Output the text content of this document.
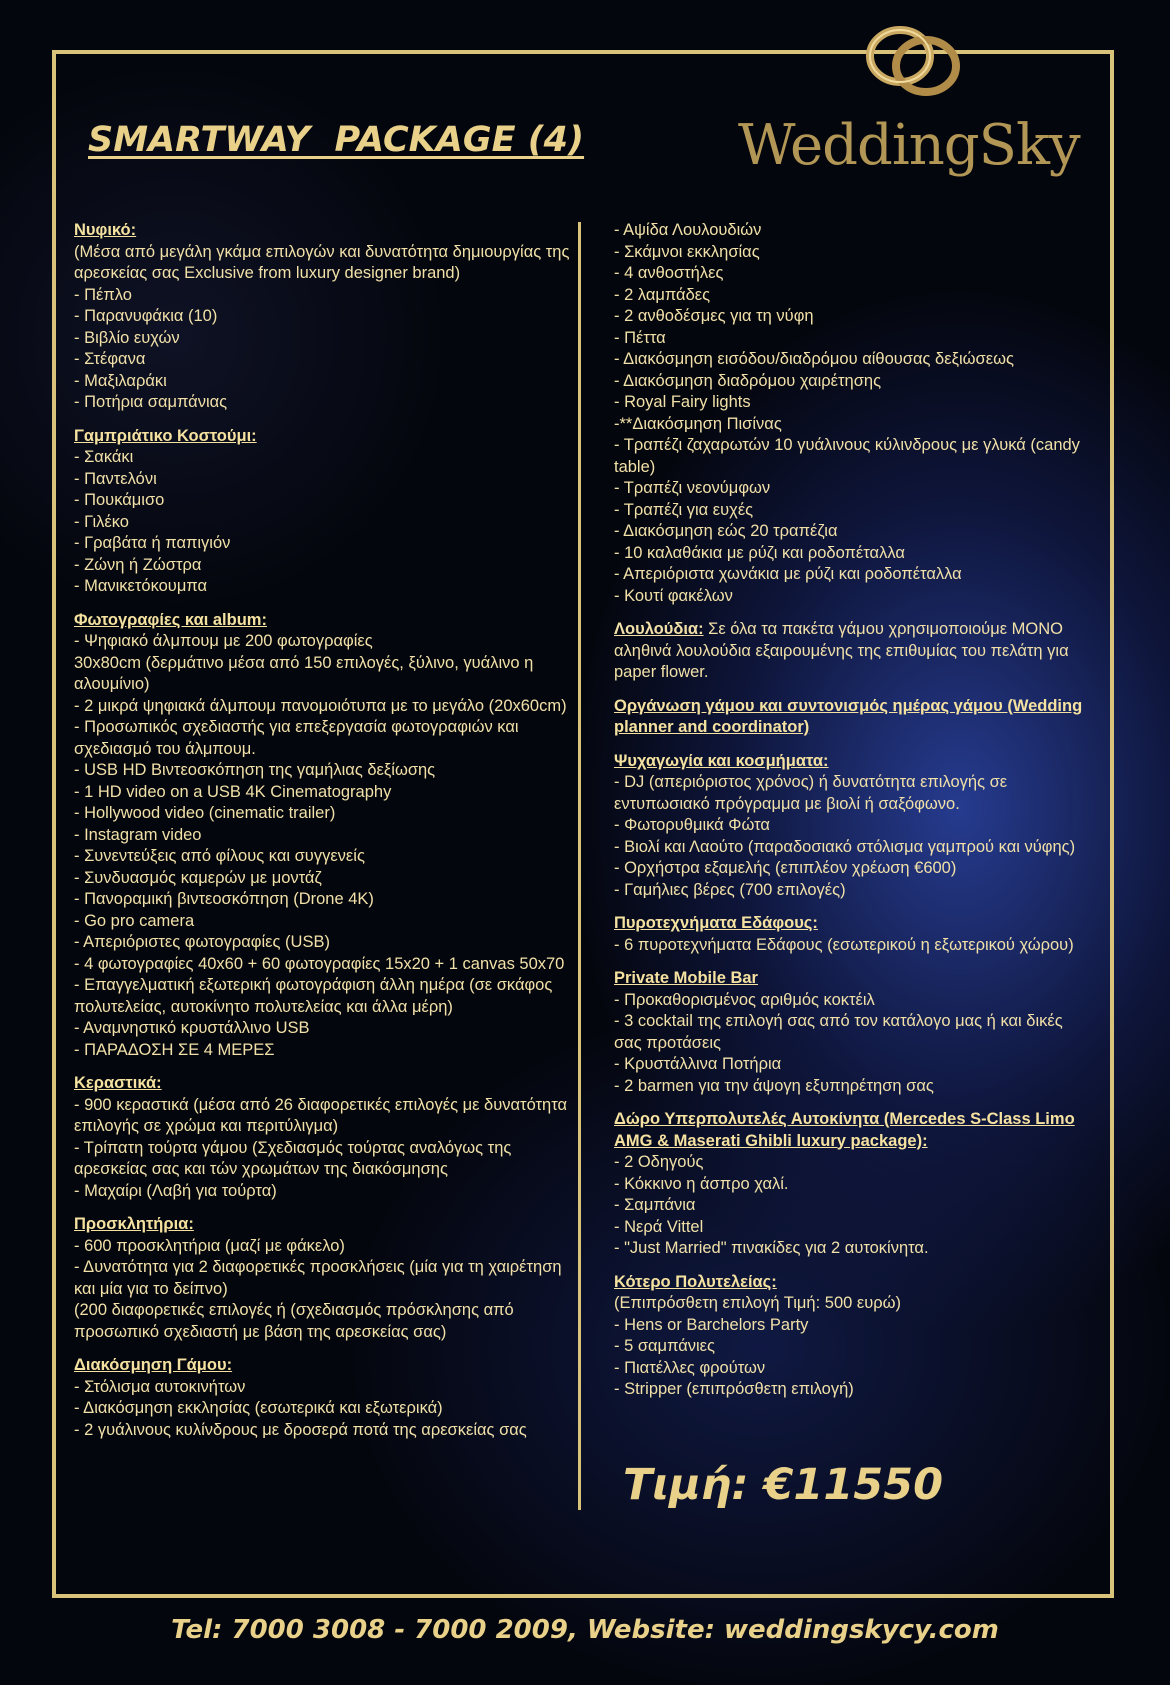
WeddingSky
SMARTWAY  PACKAGE (4)
Νυφικό:
(Μέσα από μεγάλη γκάμα επιλογών και δυνατότητα δημιουργίας της αρεσκείας σας Exclusive from luxury designer brand)
- Πέπλο
- Παρανυφάκια (10)
- Βιβλίο ευχών
- Στέφανα
- Μαξιλαράκι
- Ποτήρια σαμπάνιας
Γαμπριάτικο Κοστούμι:
- Σακάκι
- Παντελόνι
- Πουκάμισο
- Γιλέκο
- Γραβάτα ή παπιγιόν
- Ζώνη ή Ζώστρα
- Μανικετόκουμπα
Φωτογραφίες και album:
- Ψηφιακό άλμπουμ με 200 φωτογραφίες
30x80cm (δερμάτινο μέσα από 150 επιλογές, ξύλινο, γυάλινο η αλουμίνιο)
- 2 μικρά ψηφιακά άλμπουμ πανομοιότυπα με το μεγάλο (20x60cm)
- Προσωπικός σχεδιαστής για επεξεργασία φωτογραφιών και σχεδιασμό του άλμπουμ.
- USB HD Βιντεοσκόπηση της γαμήλιας δεξίωσης
- 1 HD video on a USB 4K Cinematography
- Hollywood video (cinematic trailer)
- Instagram video
- Συνεντεύξεις από φίλους και συγγενείς
- Συνδυασμός καμερών με μοντάζ
- Πανοραμική βιντεοσκόπηση (Drone 4K)
- Go pro camera
- Απεριόριστες φωτογραφίες (USB)
- 4 φωτογραφίες 40x60 + 60 φωτογραφίες 15x20 + 1 canvas 50x70
- Επαγγελματική εξωτερική φωτογράφιση άλλη ημέρα (σε σκάφος πολυτελείας, αυτοκίνητο πολυτελείας και άλλα μέρη)
- Αναμνηστικό κρυστάλλινο USB
- ΠΑΡΑΔΟΣΗ ΣΕ 4 ΜΕΡΕΣ
Κεραστικά:
- 900 κεραστικά (μέσα από 26 διαφορετικές επιλογές με δυνατότητα επιλογής σε χρώμα και περιτύλιγμα)
- Τρίπατη τούρτα γάμου (Σχεδιασμός τούρτας αναλόγως της αρεσκείας σας και τών χρωμάτων της διακόσμησης
- Μαχαίρι (Λαβή για τούρτα)
Προσκλητήρια:
- 600 προσκλητήρια (μαζί με φάκελο)
- Δυνατότητα για 2 διαφορετικές προσκλήσεις (μία για τη χαιρέτηση και μία για το δείπνο)
(200 διαφορετικές επιλογές ή (σχεδιασμός πρόσκλησης από προσωπικό σχεδιαστή με βάση της αρεσκείας σας)
Διακόσμηση Γάμου:
- Στόλισμα αυτοκινήτων
- Διακόσμηση εκκλησίας (εσωτερικά και εξωτερικά)
- 2 γυάλινους κυλίνδρους με δροσερά ποτά της αρεσκείας σας
- Αψίδα Λουλουδιών
- Σκάμνοι εκκλησίας
- 4 ανθοστήλες
- 2 λαμπάδες
- 2 ανθοδέσμες για τη νύφη
- Πέττα
- Διακόσμηση εισόδου/διαδρόμου αίθουσας δεξιώσεως
- Διακόσμηση διαδρόμου χαιρέτησης
- Royal Fairy lights
-**Διακόσμηση Πισίνας
- Τραπέζι ζαχαρωτών 10 γυάλινους κύλινδρους με γλυκά (candy table)
- Τραπέζι νεονύμφων
- Τραπέζι για ευχές
- Διακόσμηση εώς 20 τραπέζια
- 10 καλαθάκια με ρύζι και ροδοπέταλλα
- Απεριόριστα χωνάκια με ρύζι και ροδοπέταλλα
- Κουτί φακέλων
Λουλούδια: Σε όλα τα πακέτα γάμου χρησιμοποιούμε ΜΟΝΟ αληθινά λουλούδια εξαιρουμένης της επιθυμίας του πελάτη για paper flower.
Οργάνωση γάμου και συντονισμός ημέρας γάμου (Wedding planner and coordinator)
Ψυχαγωγία και κοσμήματα:
- DJ (απεριόριστος χρόνος) ή δυνατότητα επιλογής σε εντυπωσιακό πρόγραμμα με βιολί ή σαξόφωνο.
- Φωτορυθμικά Φώτα
- Βιολί και Λαούτο (παραδοσιακό στόλισμα γαμπρού και νύφης)
- Ορχήστρα εξαμελής (επιπλέον χρέωση €600)
- Γαμήλιες βέρες (700 επιλογές)
Πυροτεχνήματα Εδάφους:
- 6 πυροτεχνήματα Εδάφους (εσωτερικού η εξωτερικού χώρου)
Private Mobile Bar
- Προκαθορισμένος αριθμός κοκτέιλ
- 3 cocktail της επιλογή σας από τον κατάλογο μας ή και δικές σας προτάσεις
- Κρυστάλλινα Ποτήρια
- 2 barmen για την άψογη εξυπηρέτηση σας
Δώρο Υπερπολυτελές Αυτοκίνητα (Mercedes S-Class Limo AMG & Maserati Ghibli luxury package):
- 2 Οδηγούς
- Κόκκινο η άσπρο χαλί.
- Σαμπάνια
- Νερά Vittel
- "Just Married" πινακίδες για 2 αυτοκίνητα.
Κότερο Πολυτελείας:
(Επιπρόσθετη επιλογή Τιμή: 500 ευρώ)
- Hens or Barchelors Party
- 5 σαμπάνιες
- Πιατέλλες φρούτων
- Stripper (επιπρόσθετη επιλογή)
Τιμή: €11550
Tel: 7000 3008 - 7000 2009, Website: weddingskycy.com
